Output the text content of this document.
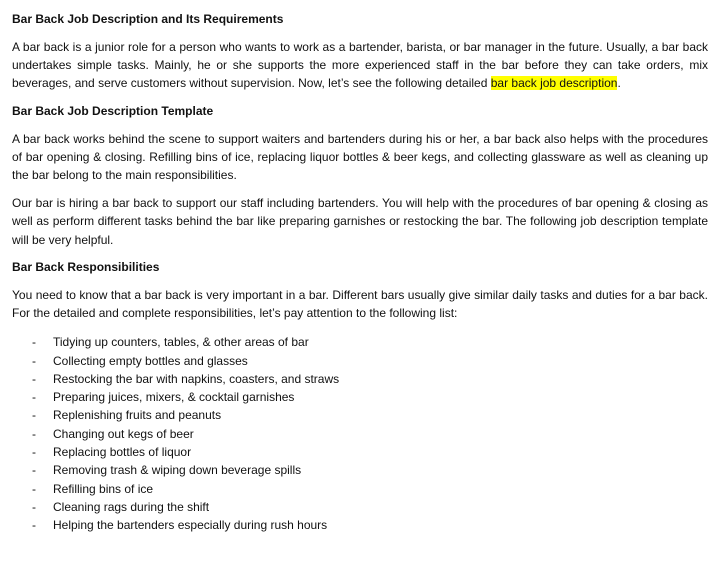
Bar Back Job Description and Its Requirements

A bar back is a junior role for a person who wants to work as a bartender, barista, or bar manager in the future. Usually, a bar back undertakes simple tasks. Mainly, he or she supports the more experienced staff in the bar before they can take orders, mix beverages, and serve customers without supervision. Now, let’s see the following detailed bar back job description.

Bar Back Job Description Template

A bar back works behind the scene to support waiters and bartenders during his or her, a bar back also helps with the procedures of bar opening & closing. Refilling bins of ice, replacing liquor bottles & beer kegs, and collecting glassware as well as cleaning up the bar belong to the main responsibilities.

Our bar is hiring a bar back to support our staff including bartenders. You will help with the procedures of bar opening & closing as well as perform different tasks behind the bar like preparing garnishes or restocking the bar. The following job description template will be very helpful.

Bar Back Responsibilities

You need to know that a bar back is very important in a bar. Different bars usually give similar daily tasks and duties for a bar back. For the detailed and complete responsibilities, let’s pay attention to the following list:

- Tidying up counters, tables, & other areas of bar
- Collecting empty bottles and glasses
- Restocking the bar with napkins, coasters, and straws
- Preparing juices, mixers, & cocktail garnishes
- Replenishing fruits and peanuts
- Changing out kegs of beer
- Replacing bottles of liquor
- Removing trash & wiping down beverage spills
- Refilling bins of ice
- Cleaning rags during the shift
- Helping the bartenders especially during rush hours
